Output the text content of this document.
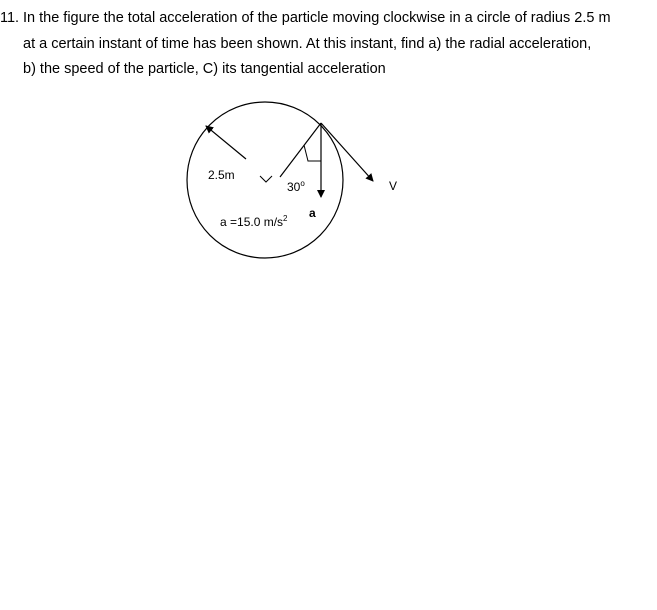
11. In the figure the total acceleration of the particle moving clockwise in a circle of radius 2.5 m
at a certain instant of time has been shown. At this instant, find a) the radial acceleration,
b) the speed of the particle, C) its tangential acceleration
2.5m
30$^o$
a
a =15.0 $m/s^2$
V
